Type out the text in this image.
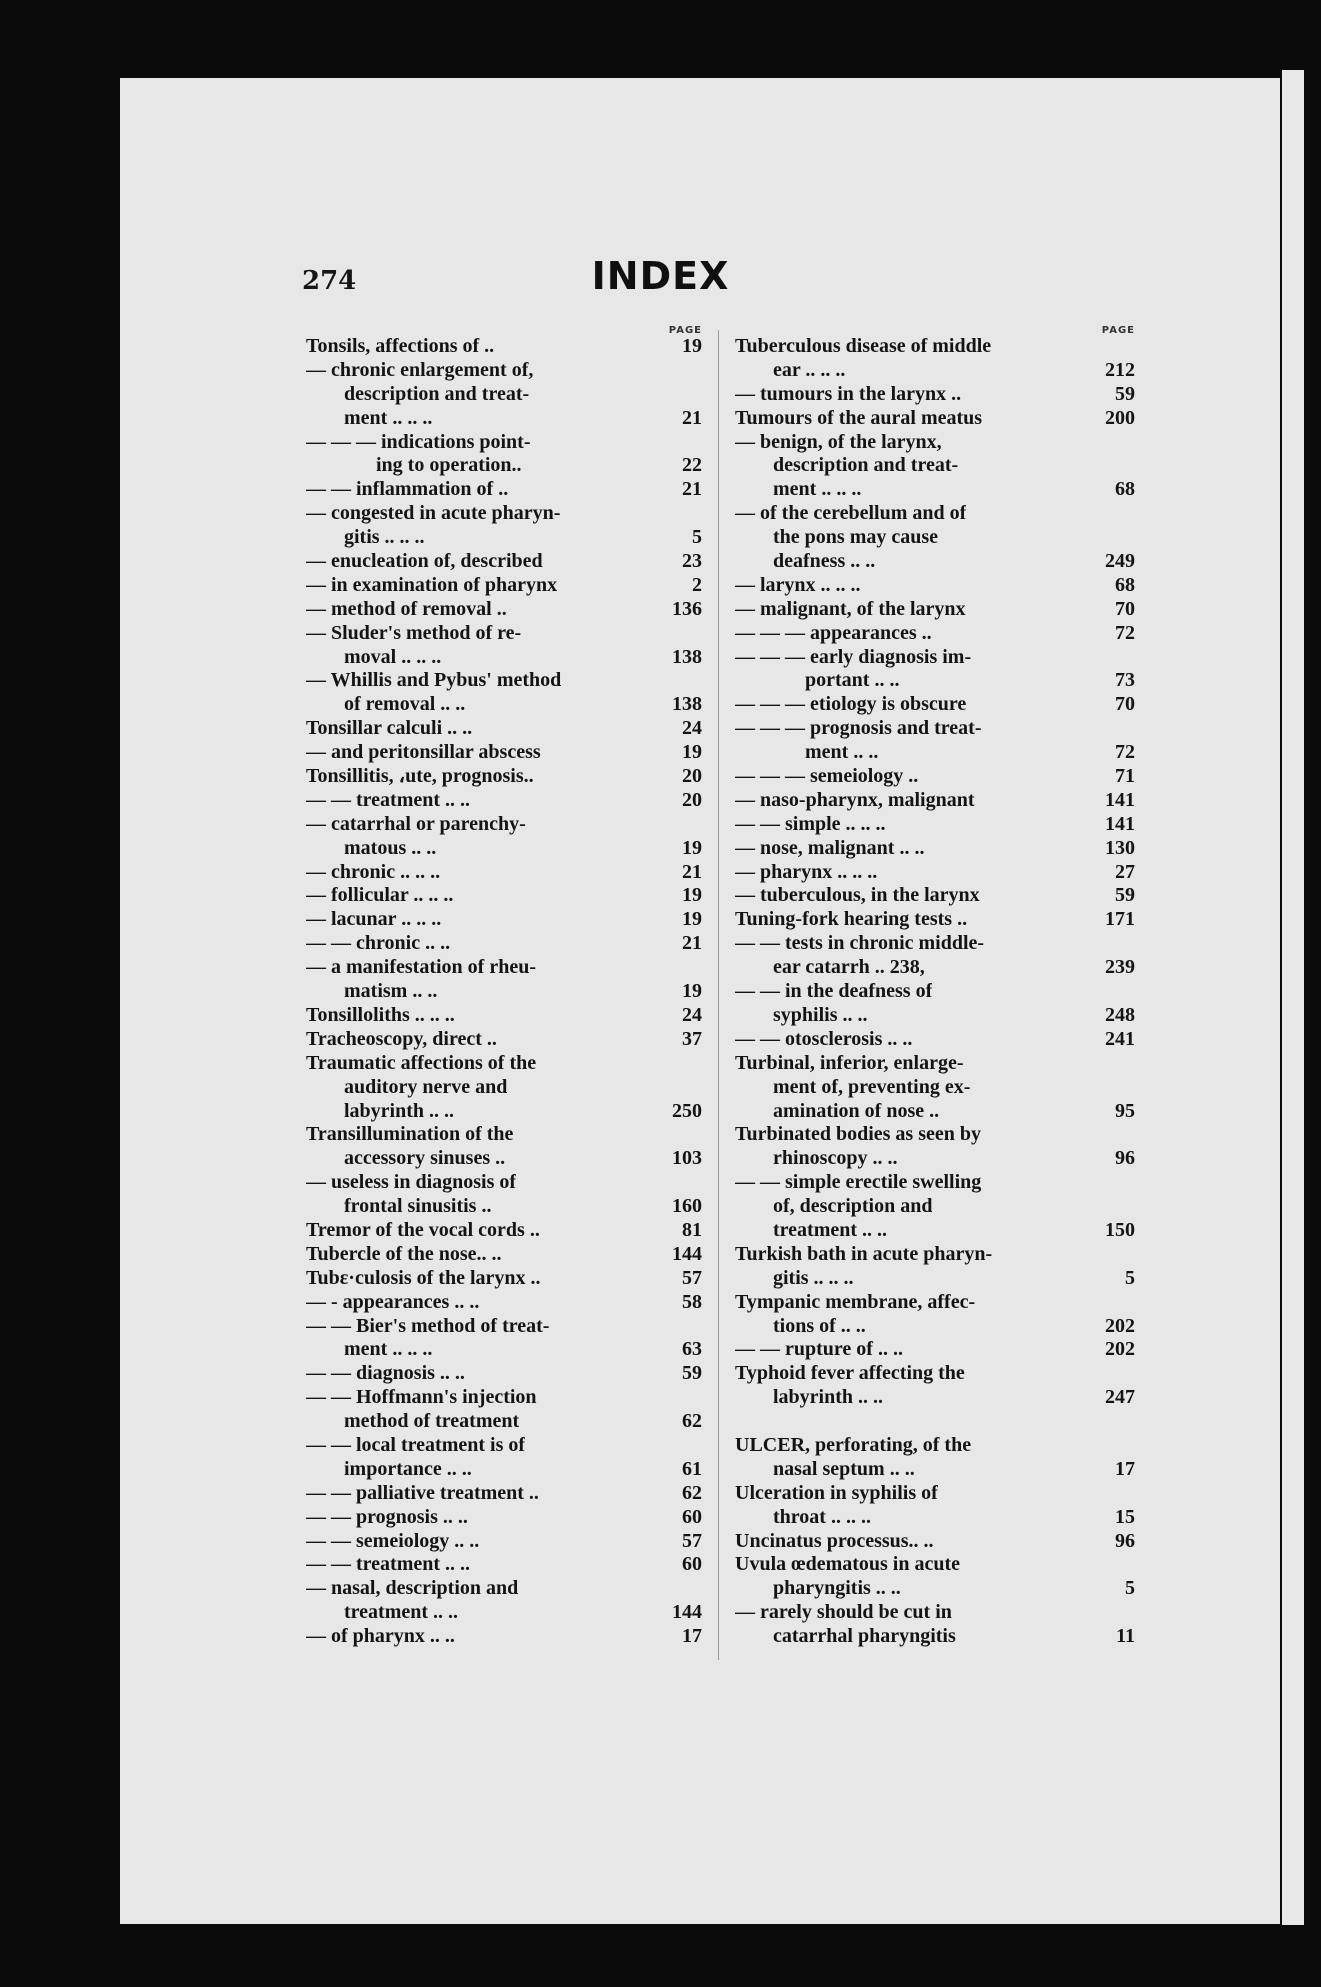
274	INDEX
PAGE
Tonsils, affections of ..	19
— chronic enlargement of,
description and treat-
ment .. .. ..	21
— — — indications point-
ing to operation..	22
— — inflammation of ..	21
— congested in acute pharyn-
gitis .. .. ..	5
— enucleation of, described	23
— in examination of pharynx	2
— method of removal ..	136
— Sluder's method of re-
moval .. .. ..	138
— Whillis and Pybus' method
of removal .. ..	138
Tonsillar calculi .. ..	24
— and peritonsillar abscess	19
Tonsillitis, ،ute, prognosis..	20
— — treatment .. ..	20
— catarrhal or parenchy-
matous .. ..	19
— chronic .. .. ..	21
— follicular .. .. ..	19
— lacunar .. .. ..	19
— — chronic .. ..	21
— a manifestation of rheu-
matism .. ..	19
Tonsilloliths .. .. ..	24
Tracheoscopy, direct ..	37
Traumatic affections of the
auditory nerve and
labyrinth .. ..	250
Transillumination of the
accessory sinuses ..	103
— useless in diagnosis of
frontal sinusitis ..	160
Tremor of the vocal cords ..	81
Tubercle of the nose.. ..	144
Tubε·culosis of the larynx ..	57
— - appearances .. ..	58
— — Bier's method of treat-
ment .. .. ..	63
— — diagnosis .. ..	59
— — Hoffmann's injection
method of treatment	62
— — local treatment is of
importance .. ..	61
— — palliative treatment ..	62
— — prognosis .. ..	60
— — semeiology .. ..	57
— — treatment .. ..	60
— nasal, description and
treatment .. ..	144
— of pharynx .. ..	17
PAGE
Tuberculous disease of middle
ear .. .. ..	212
— tumours in the larynx ..	59
Tumours of the aural meatus	200
— benign, of the larynx,
description and treat-
ment .. .. ..	68
— of the cerebellum and of
the pons may cause
deafness .. ..	249
— larynx .. .. ..	68
— malignant, of the larynx	70
— — — appearances ..	72
— — — early diagnosis im-
portant .. ..	73
— — — etiology is obscure	70
— — — prognosis and treat-
ment .. ..	72
— — — semeiology ..	71
— naso-pharynx, malignant	141
— — simple .. .. ..	141
— nose, malignant .. ..	130
— pharynx .. .. ..	27
— tuberculous, in the larynx	59
Tuning-fork hearing tests ..	171
— — tests in chronic middle-
ear catarrh .. 238,	239
— — in the deafness of
syphilis .. ..	248
— — otosclerosis .. ..	241
Turbinal, inferior, enlarge-
ment of, preventing ex-
amination of nose ..	95
Turbinated bodies as seen by
rhinoscopy .. ..	96
— — simple erectile swelling
of, description and
treatment .. ..	150
Turkish bath in acute pharyn-
gitis .. .. ..	5
Tympanic membrane, affec-
tions of .. ..	202
— — rupture of .. ..	202
Typhoid fever affecting the
labyrinth .. ..	247
ULCER, perforating, of the
nasal septum .. ..	17
Ulceration in syphilis of
throat .. .. ..	15
Uncinatus processus.. ..	96
Uvula œdematous in acute
pharyngitis .. ..	5
— rarely should be cut in
catarrhal pharyngitis	11
